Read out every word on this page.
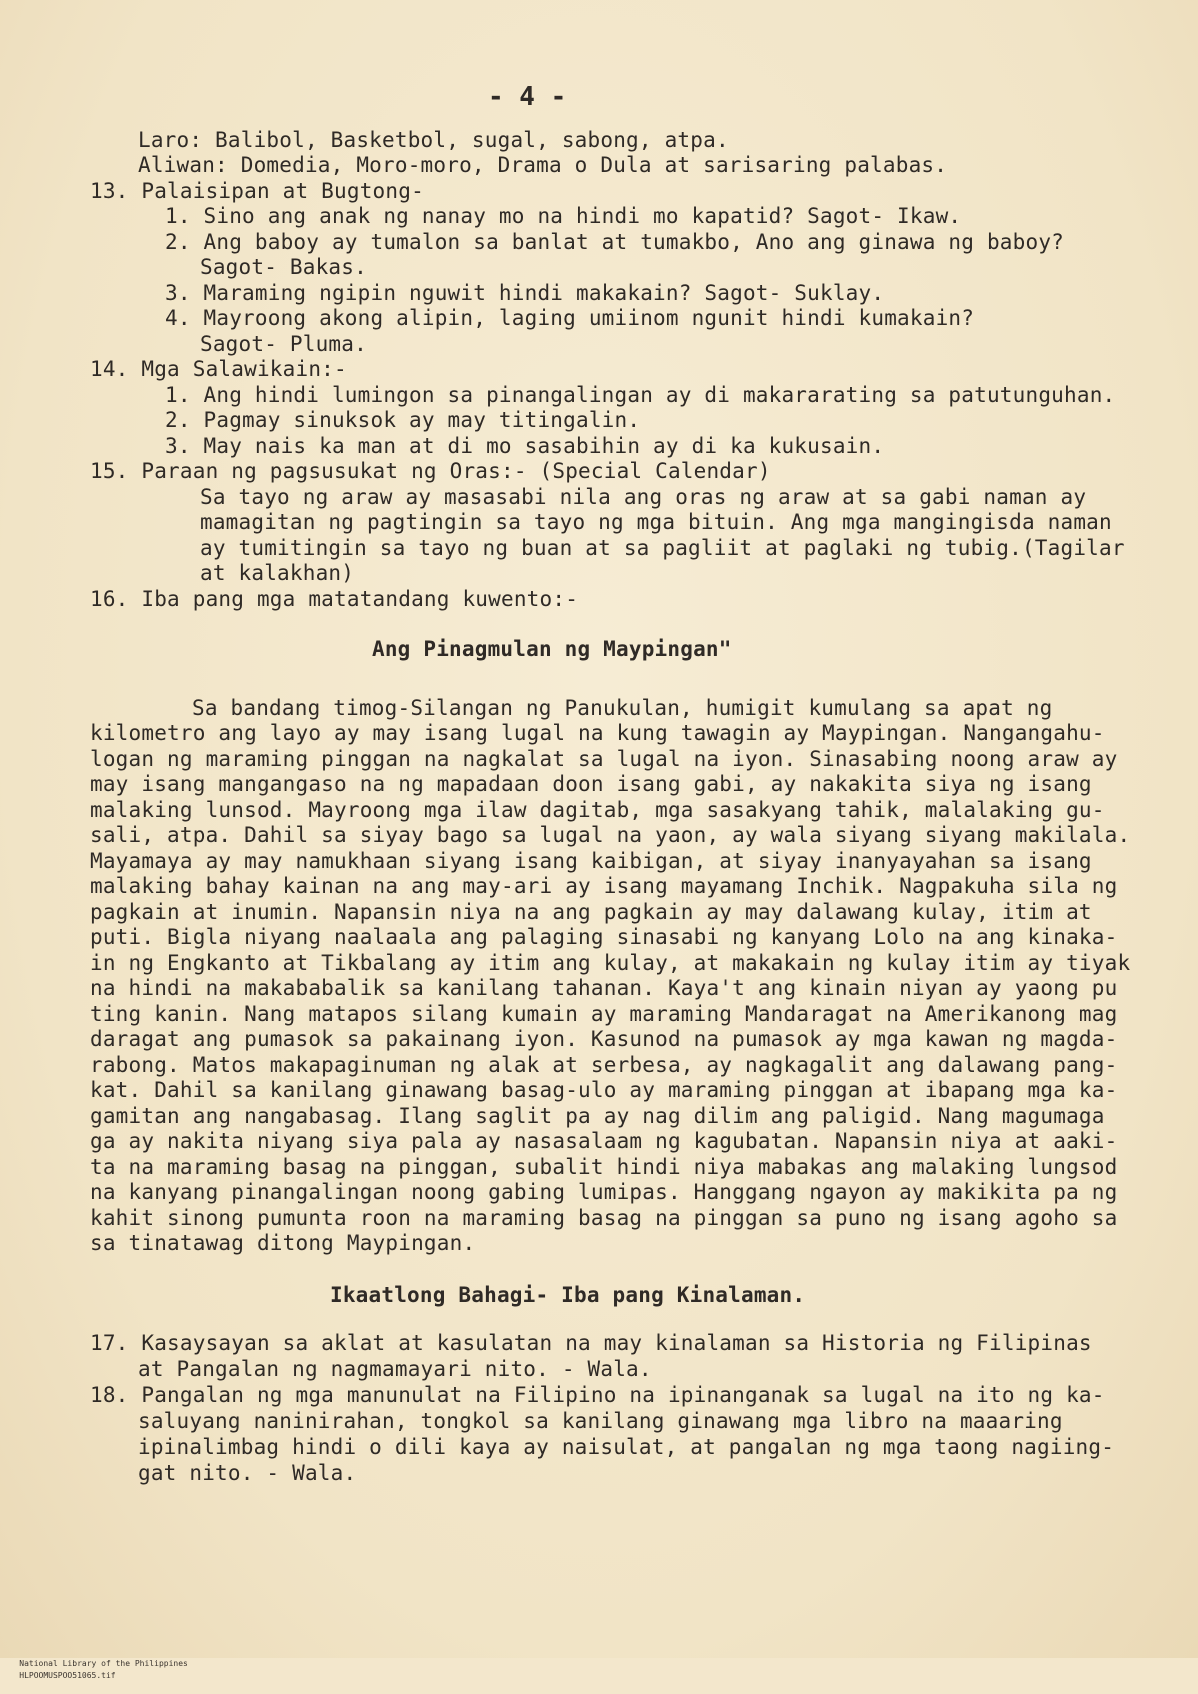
- 4 -
Laro: Balibol, Basketbol, sugal, sabong, atpa.
Aliwan: Domedia, Moro-moro, Drama o Dula at sarisaring palabas.
13. Palaisipan at Bugtong-
1. Sino ang anak ng nanay mo na hindi mo kapatid? Sagot- Ikaw.
2. Ang baboy ay tumalon sa banlat at tumakbo, Ano ang ginawa ng baboy?
Sagot- Bakas.
3. Maraming ngipin nguwit hindi makakain? Sagot- Suklay.
4. Mayroong akong alipin, laging umiinom ngunit hindi kumakain?
Sagot- Pluma.
14. Mga Salawikain:-
1. Ang hindi lumingon sa pinangalingan ay di makararating sa patutunguhan.
2. Pagmay sinuksok ay may titingalin.
3. May nais ka man at di mo sasabihin ay di ka kukusain.
15. Paraan ng pagsusukat ng Oras:- (Special Calendar)
Sa tayo ng araw ay masasabi nila ang oras ng araw at sa gabi naman ay
mamagitan ng pagtingin sa tayo ng mga bituin. Ang mga mangingisda naman
ay tumitingin sa tayo ng buan at sa pagliit at paglaki ng tubig.(Tagilar
at kalakhan)
16. Iba pang mga matatandang kuwento:-
Ang Pinagmulan ng Maypingan"
Sa bandang timog-Silangan ng Panukulan, humigit kumulang sa apat ng
kilometro ang layo ay may isang lugal na kung tawagin ay Maypingan. Nangangahu-
logan ng maraming pinggan na nagkalat sa lugal na iyon. Sinasabing noong araw ay
may isang mangangaso na ng mapadaan doon isang gabi, ay nakakita siya ng isang
malaking lunsod. Mayroong mga ilaw dagitab, mga sasakyang tahik, malalaking gu-
sali, atpa. Dahil sa siyay bago sa lugal na yaon, ay wala siyang siyang makilala.
Mayamaya ay may namukhaan siyang isang kaibigan, at siyay inanyayahan sa isang
malaking bahay kainan na ang may-ari ay isang mayamang Inchik. Nagpakuha sila ng
pagkain at inumin. Napansin niya na ang pagkain ay may dalawang kulay, itim at
puti. Bigla niyang naalaala ang palaging sinasabi ng kanyang Lolo na ang kinaka-
in ng Engkanto at Tikbalang ay itim ang kulay, at makakain ng kulay itim ay tiyak
na hindi na makababalik sa kanilang tahanan. Kaya't ang kinain niyan ay yaong pu
ting kanin. Nang matapos silang kumain ay maraming Mandaragat na Amerikanong mag
daragat ang pumasok sa pakainang iyon. Kasunod na pumasok ay mga kawan ng magda-
rabong. Matos makapaginuman ng alak at serbesa, ay nagkagalit ang dalawang pang-
kat. Dahil sa kanilang ginawang basag-ulo ay maraming pinggan at ibapang mga ka-
gamitan ang nangabasag. Ilang saglit pa ay nag dilim ang paligid. Nang magumaga
ga ay nakita niyang siya pala ay nasasalaam ng kagubatan. Napansin niya at aaki-
ta na maraming basag na pinggan, subalit hindi niya mabakas ang malaking lungsod
na kanyang pinangalingan noong gabing lumipas. Hanggang ngayon ay makikita pa ng
kahit sinong pumunta roon na maraming basag na pinggan sa puno ng isang agoho sa
sa tinatawag ditong Maypingan.
Ikaatlong Bahagi- Iba pang Kinalaman.
17. Kasaysayan sa aklat at kasulatan na may kinalaman sa Historia ng Filipinas
at Pangalan ng nagmamayari nito. - Wala.
18. Pangalan ng mga manunulat na Filipino na ipinanganak sa lugal na ito ng ka-
saluyang naninirahan, tongkol sa kanilang ginawang mga libro na maaaring
ipinalimbag hindi o dili kaya ay naisulat, at pangalan ng mga taong nagiing-
gat nito. - Wala.

National Library of the Philippines
HLPOOMUSPOO51065.tif
